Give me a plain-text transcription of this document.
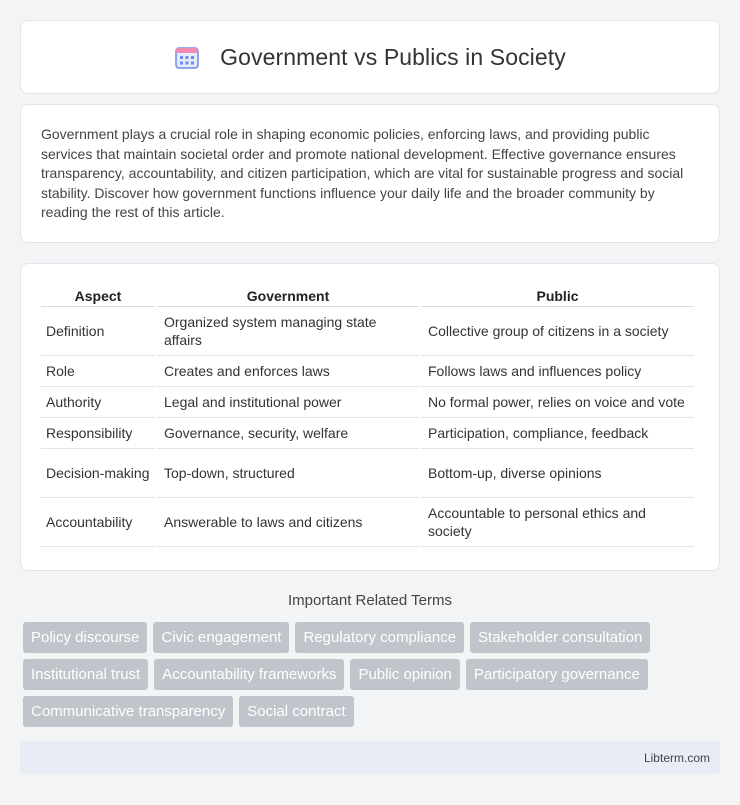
Government vs Publics in Society

Government plays a crucial role in shaping economic policies, enforcing laws, and providing public services that maintain societal order and promote national development. Effective governance ensures transparency, accountability, and citizen participation, which are vital for sustainable progress and social stability. Discover how government functions influence your daily life and the broader community by reading the rest of this article.

Aspect	Government	Public
Definition	Organized system managing state affairs	Collective group of citizens in a society
Role	Creates and enforces laws	Follows laws and influences policy
Authority	Legal and institutional power	No formal power, relies on voice and vote
Responsibility	Governance, security, welfare	Participation, compliance, feedback
Decision-making	Top-down, structured	Bottom-up, diverse opinions
Accountability	Answerable to laws and citizens	Accountable to personal ethics and society
Important Related Terms
Policy discourse	Civic engagement	Regulatory compliance	Stakeholder consultation
Institutional trust	Accountability frameworks	Public opinion	Participatory governance
Communicative transparency	Social contract
Libterm.com
